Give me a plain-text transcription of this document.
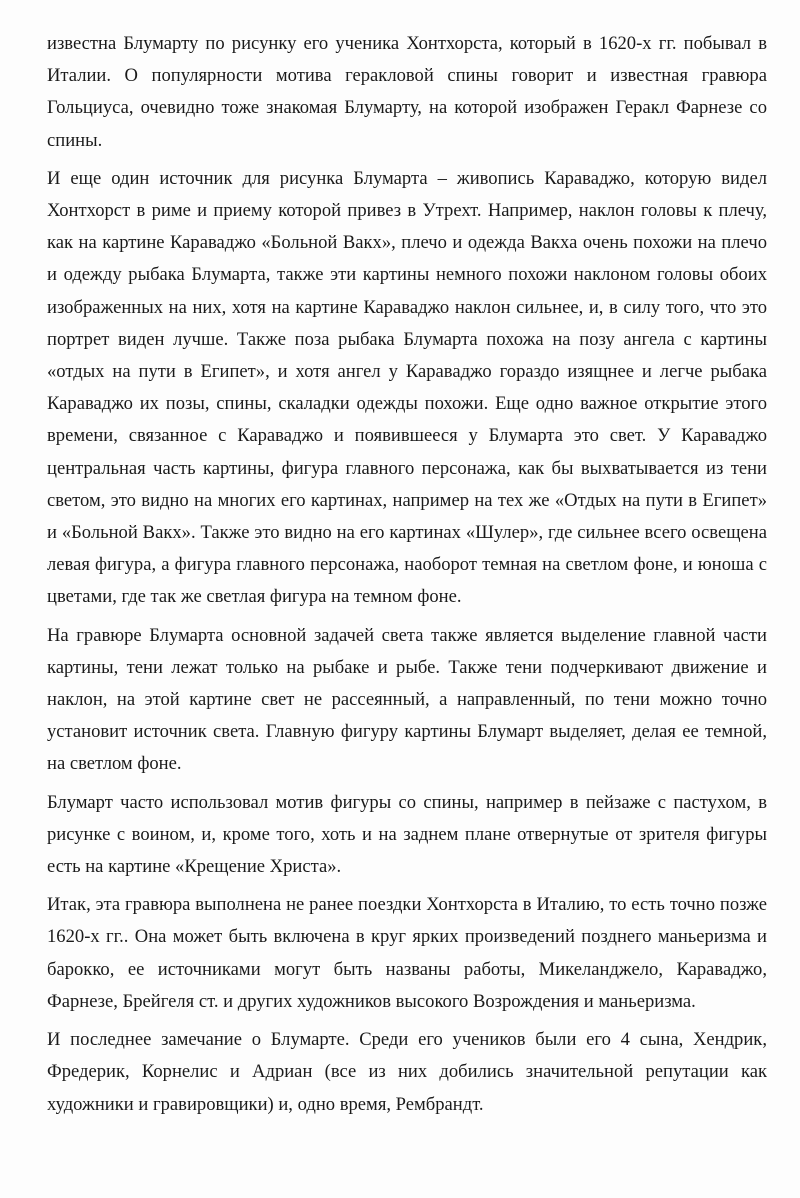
известна Блумарту по рисунку его ученика Хонтхорста, который в 1620-х гг. побывал в Италии. О популярности мотива геракловой спины говорит и известная гравюра Гольциуса, очевидно тоже знакомая Блумарту, на которой изображен Геракл Фарнезе со спины.

И еще один источник для рисунка Блумарта – живопись Караваджо, которую видел Хонтхорст в риме и приему которой привез в Утрехт. Например, наклон головы к плечу, как на картине Караваджо «Больной Вакх», плечо и одежда Вакха очень похожи на плечо и одежду рыбака Блумарта, также эти картины немного похожи наклоном головы обоих изображенных на них, хотя на картине Караваджо наклон сильнее, и, в силу того, что это портрет виден лучше. Также поза рыбака Блумарта похожа на позу ангела с картины «отдых на пути в Египет», и хотя ангел у Караваджо гораздо изящнее и легче рыбака Караваджо их позы, спины, скаладки одежды похожи. Еще одно важное открытие этого времени, связанное с Караваджо и появившееся у Блумарта это свет. У Караваджо центральная часть картины, фигура главного персонажа, как бы выхватывается из тени светом, это видно на многих его картинах, например на тех же «Отдых на пути в Египет» и «Больной Вакх». Также это видно на его картинах «Шулер», где сильнее всего освещена левая фигура, а фигура главного персонажа, наоборот темная на светлом фоне, и юноша с цветами, где так же светлая фигура на темном фоне.

На гравюре Блумарта основной задачей света также является выделение главной части картины, тени лежат только на рыбаке и рыбе. Также тени подчеркивают движение и наклон, на этой картине свет не рассеянный, а направленный, по тени можно точно установит источник света. Главную фигуру картины Блумарт выделяет, делая ее темной, на светлом фоне.

Блумарт часто использовал мотив фигуры со спины, например в пейзаже с пастухом, в рисунке с воином, и, кроме того, хоть и на заднем плане отвернутые от зрителя фигуры есть на картине «Крещение Христа».

Итак, эта гравюра выполнена не ранее поездки Хонтхорста в Италию, то есть точно позже 1620-х гг.. Она может быть включена в круг ярких произведений позднего маньеризма и барокко, ее источниками могут быть названы работы, Микеланджело, Караваджо, Фарнезе, Брейгеля ст. и других художников высокого Возрождения и маньеризма.

И последнее замечание о Блумарте. Среди его учеников были его 4 сына, Хендрик, Фредерик, Корнелис и Адриан (все из них добились значительной репутации как художники и гравировщики) и, одно время, Рембрандт.
